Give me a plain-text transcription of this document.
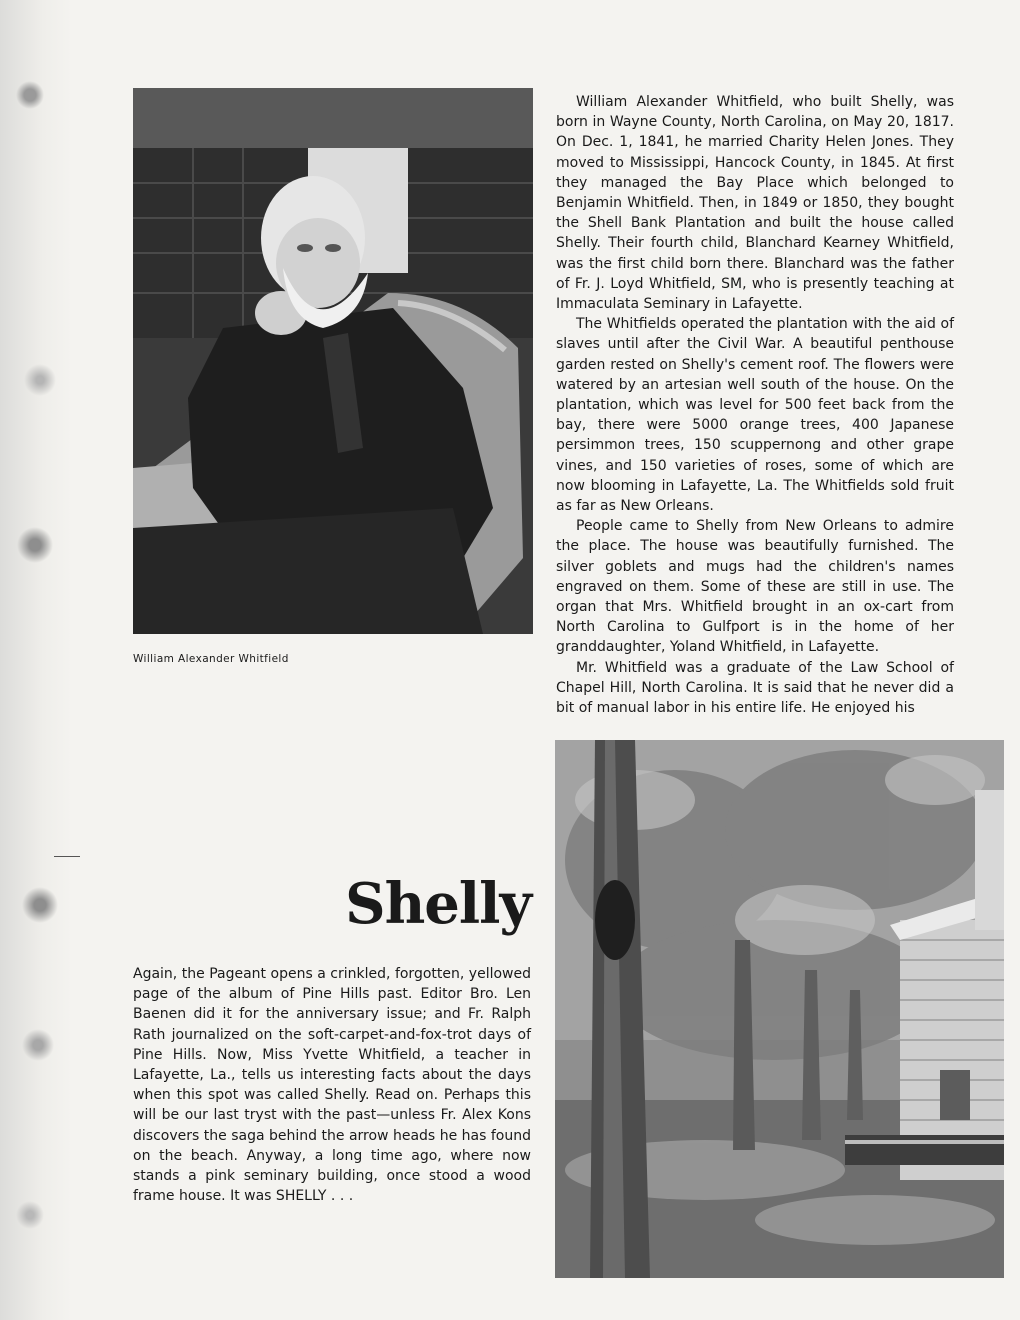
William Alexander Whitfield

William Alexander Whitfield, who built Shelly, was born in Wayne County, North Carolina, on May 20, 1817. On Dec. 1, 1841, he married Charity Helen Jones. They moved to Mississippi, Hancock County, in 1845. At first they managed the Bay Place which belonged to Benjamin Whitfield. Then, in 1849 or 1850, they bought the Shell Bank Plantation and built the house called Shelly. Their fourth child, Blanchard Kearney Whitfield, was the first child born there. Blanchard was the father of Fr. J. Loyd Whitfield, SM, who is presently teaching at Immaculata Seminary in Lafayette.

The Whitfields operated the plantation with the aid of slaves until after the Civil War. A beautiful penthouse garden rested on Shelly's cement roof. The flowers were watered by an artesian well south of the house. On the plantation, which was level for 500 feet back from the bay, there were 5000 orange trees, 400 Japanese persimmon trees, 150 scuppernong and other grape vines, and 150 varieties of roses, some of which are now blooming in Lafayette, La. The Whitfields sold fruit as far as New Orleans.

People came to Shelly from New Orleans to admire the place. The house was beautifully furnished. The silver goblets and mugs had the children's names engraved on them. Some of these are still in use. The organ that Mrs. Whitfield brought in an ox-cart from North Carolina to Gulfport is in the home of her granddaughter, Yoland Whitfield, in Lafayette.

Mr. Whitfield was a graduate of the Law School of Chapel Hill, North Carolina. It is said that he never did a bit of manual labor in his entire life. He enjoyed his

Shelly

Again, the Pageant opens a crinkled, forgotten, yellowed page of the album of Pine Hills past. Editor Bro. Len Baenen did it for the anniversary issue; and Fr. Ralph Rath journalized on the soft-carpet-and-fox-trot days of Pine Hills. Now, Miss Yvette Whitfield, a teacher in Lafayette, La., tells us interesting facts about the days when this spot was called Shelly. Read on. Perhaps this will be our last tryst with the past—unless Fr. Alex Kons discovers the saga behind the arrow heads he has found on the beach. Anyway, a long time ago, where now stands a pink seminary building, once stood a wood frame house. It was SHELLY . . .
